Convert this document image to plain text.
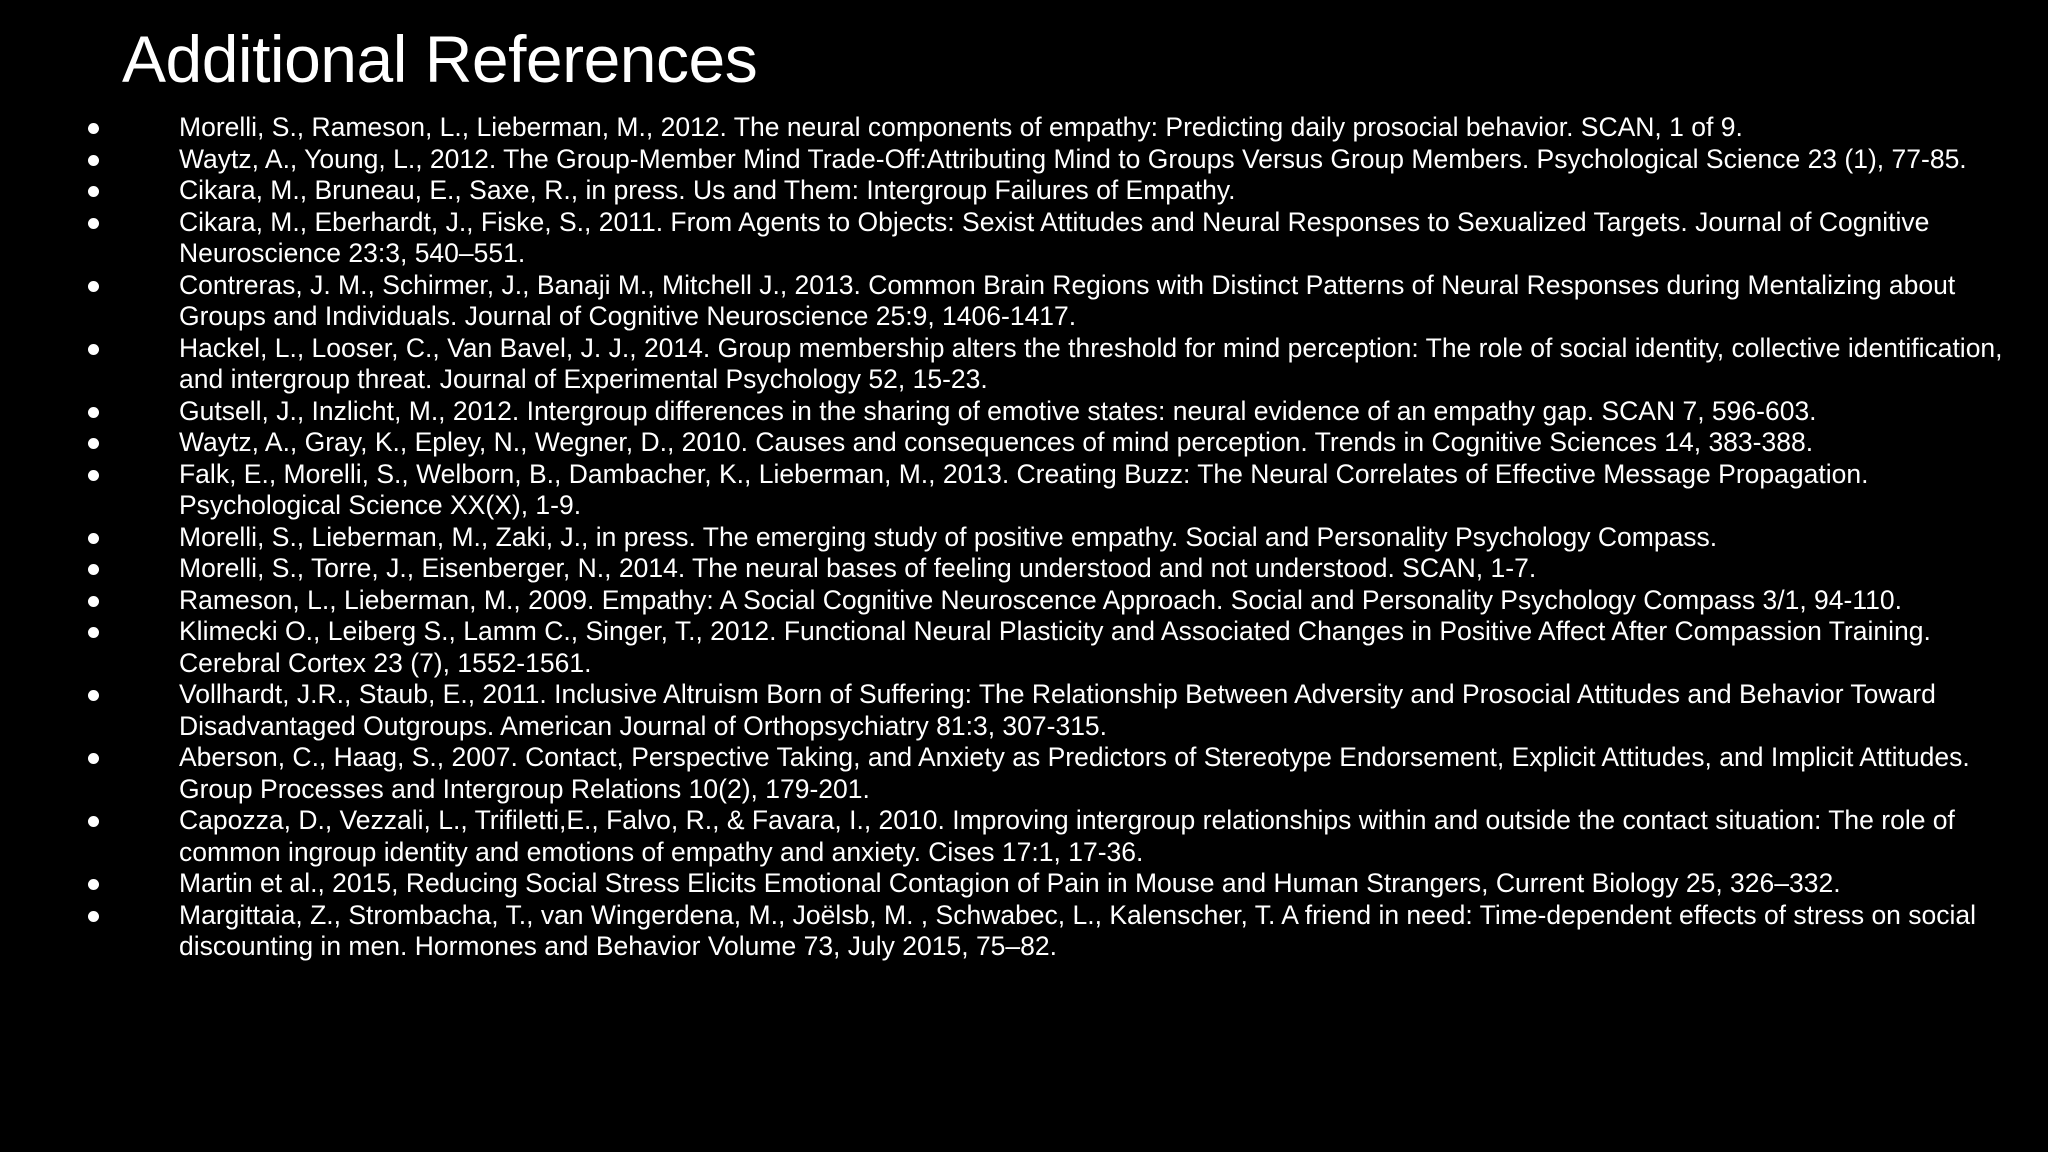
Additional References
Morelli, S., Rameson, L., Lieberman, M., 2012. The neural components of empathy: Predicting daily prosocial behavior. SCAN, 1 of 9.
Waytz, A., Young, L., 2012. The Group-Member Mind Trade-Off:Attributing Mind to Groups Versus Group Members. Psychological Science 23 (1), 77-85.
Cikara, M., Bruneau, E., Saxe, R., in press. Us and Them: Intergroup Failures of Empathy.
Cikara, M., Eberhardt, J., Fiske, S., 2011. From Agents to Objects: Sexist Attitudes and Neural Responses to Sexualized Targets. Journal of Cognitive Neuroscience 23:3, 540–551.
Contreras, J. M., Schirmer, J., Banaji M., Mitchell J., 2013. Common Brain Regions with Distinct Patterns of Neural Responses during Mentalizing about Groups and Individuals. Journal of Cognitive Neuroscience 25:9, 1406-1417.
Hackel, L., Looser, C., Van Bavel, J. J., 2014. Group membership alters the threshold for mind perception: The role of social identity, collective identification, and intergroup threat. Journal of Experimental Psychology 52, 15-23.
Gutsell, J., Inzlicht, M., 2012. Intergroup differences in the sharing of emotive states: neural evidence of an empathy gap. SCAN 7, 596-603.
Waytz, A., Gray, K., Epley, N., Wegner, D., 2010. Causes and consequences of mind perception. Trends in Cognitive Sciences 14, 383-388.
Falk, E., Morelli, S., Welborn, B., Dambacher, K., Lieberman, M., 2013. Creating Buzz: The Neural Correlates of Effective Message Propagation. Psychological Science XX(X), 1-9.
Morelli, S., Lieberman, M., Zaki, J., in press. The emerging study of positive empathy. Social and Personality Psychology Compass.
Morelli, S., Torre, J., Eisenberger, N., 2014. The neural bases of feeling understood and not understood. SCAN, 1-7.
Rameson, L., Lieberman, M., 2009. Empathy: A Social Cognitive Neuroscence Approach. Social and Personality Psychology Compass 3/1, 94-110.
Klimecki O., Leiberg S., Lamm C., Singer, T., 2012. Functional Neural Plasticity and Associated Changes in Positive Affect After Compassion Training. Cerebral Cortex 23 (7), 1552-1561.
Vollhardt, J.R., Staub, E., 2011. Inclusive Altruism Born of Suffering: The Relationship Between Adversity and Prosocial Attitudes and Behavior Toward Disadvantaged Outgroups. American Journal of Orthopsychiatry 81:3, 307-315.
Aberson, C., Haag, S., 2007. Contact, Perspective Taking, and Anxiety as Predictors of Stereotype Endorsement, Explicit Attitudes, and Implicit Attitudes. Group Processes and Intergroup Relations 10(2), 179-201.
Capozza, D., Vezzali, L., Trifiletti,E., Falvo, R., & Favara, I., 2010. Improving intergroup relationships within and outside the contact situation: The role of common ingroup identity and emotions of empathy and anxiety. Cises 17:1, 17-36.
Martin et al., 2015, Reducing Social Stress Elicits Emotional Contagion of Pain in Mouse and Human Strangers, Current Biology 25, 326–332.
Margittaia, Z., Strombacha, T., van Wingerdena, M., Joëlsb, M. , Schwabec, L., Kalenscher, T. A friend in need: Time-dependent effects of stress on social discounting in men. Hormones and Behavior Volume 73, July 2015, 75–82.
